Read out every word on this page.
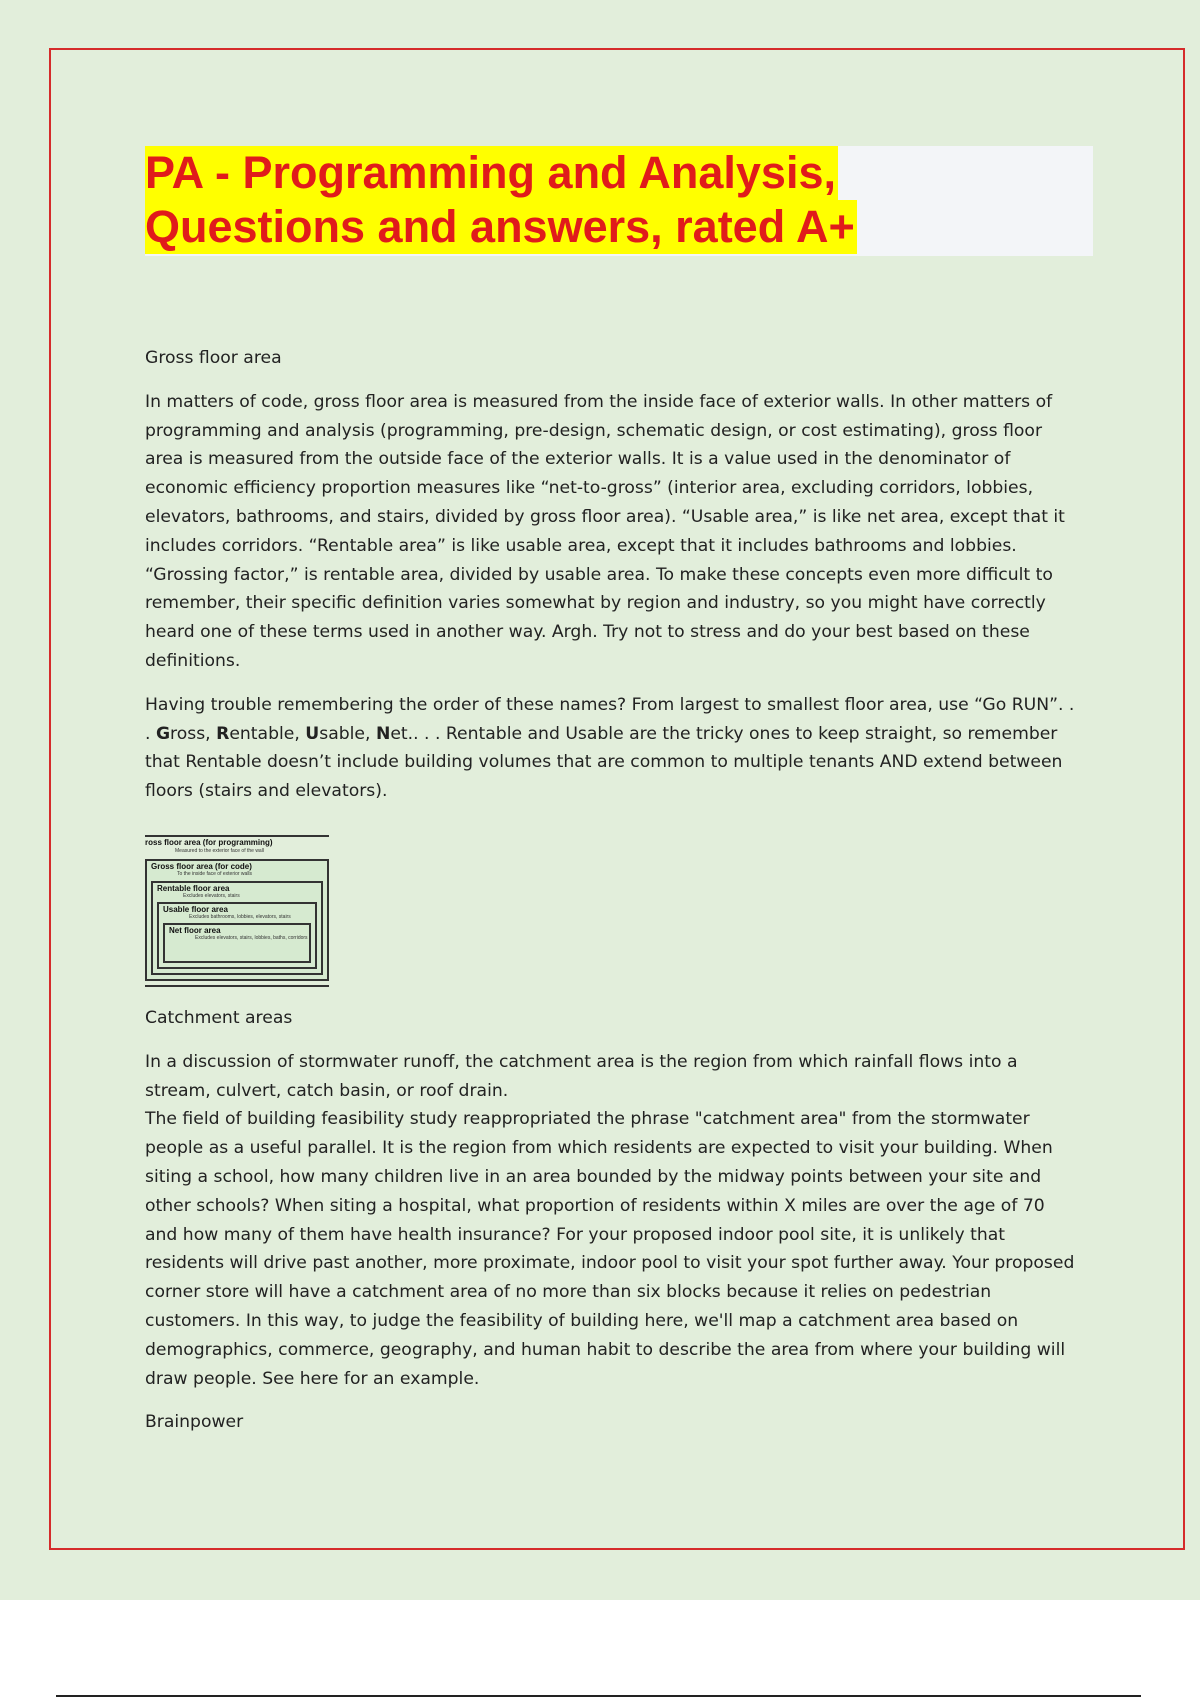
PA - Programming and Analysis,
Questions and answers, rated A+

Gross floor area

In matters of code, gross floor area is measured from the inside face of exterior walls. In other matters of programming and analysis (programming, pre-design, schematic design, or cost estimating), gross floor area is measured from the outside face of the exterior walls. It is a value used in the denominator of economic efficiency proportion measures like “net-to-gross” (interior area, excluding corridors, lobbies, elevators, bathrooms, and stairs, divided by gross floor area). “Usable area,” is like net area, except that it includes corridors. “Rentable area” is like usable area, except that it includes bathrooms and lobbies. “Grossing factor,” is rentable area, divided by usable area. To make these concepts even more difficult to remember, their specific definition varies somewhat by region and industry, so you might have correctly heard one of these terms used in another way. Argh. Try not to stress and do your best based on these definitions.

Having trouble remembering the order of these names? From largest to smallest floor area, use “Go RUN”. . . Gross, Rentable, Usable, Net.. . . Rentable and Usable are the tricky ones to keep straight, so remember that Rentable doesn’t include building volumes that are common to multiple tenants AND extend between floors (stairs and elevators).

ross floor area (for programming)
Measured to the exterior face of the wall
Gross floor area (for code)
To the inside face of exterior walls
Rentable floor area
Excludes elevators, stairs
Usable floor area
Excludes bathrooms, lobbies, elevators, stairs
Net floor area
Excludes elevators, stairs, lobbies, baths, corridors

Catchment areas

In a discussion of stormwater runoff, the catchment area is the region from which rainfall flows into a stream, culvert, catch basin, or roof drain.

The field of building feasibility study reappropriated the phrase "catchment area" from the stormwater people as a useful parallel. It is the region from which residents are expected to visit your building. When siting a school, how many children live in an area bounded by the midway points between your site and other schools? When siting a hospital, what proportion of residents within X miles are over the age of 70 and how many of them have health insurance? For your proposed indoor pool site, it is unlikely that residents will drive past another, more proximate, indoor pool to visit your spot further away. Your proposed corner store will have a catchment area of no more than six blocks because it relies on pedestrian customers. In this way, to judge the feasibility of building here, we'll map a catchment area based on demographics, commerce, geography, and human habit to describe the area from where your building will draw people. See here for an example.

Brainpower
